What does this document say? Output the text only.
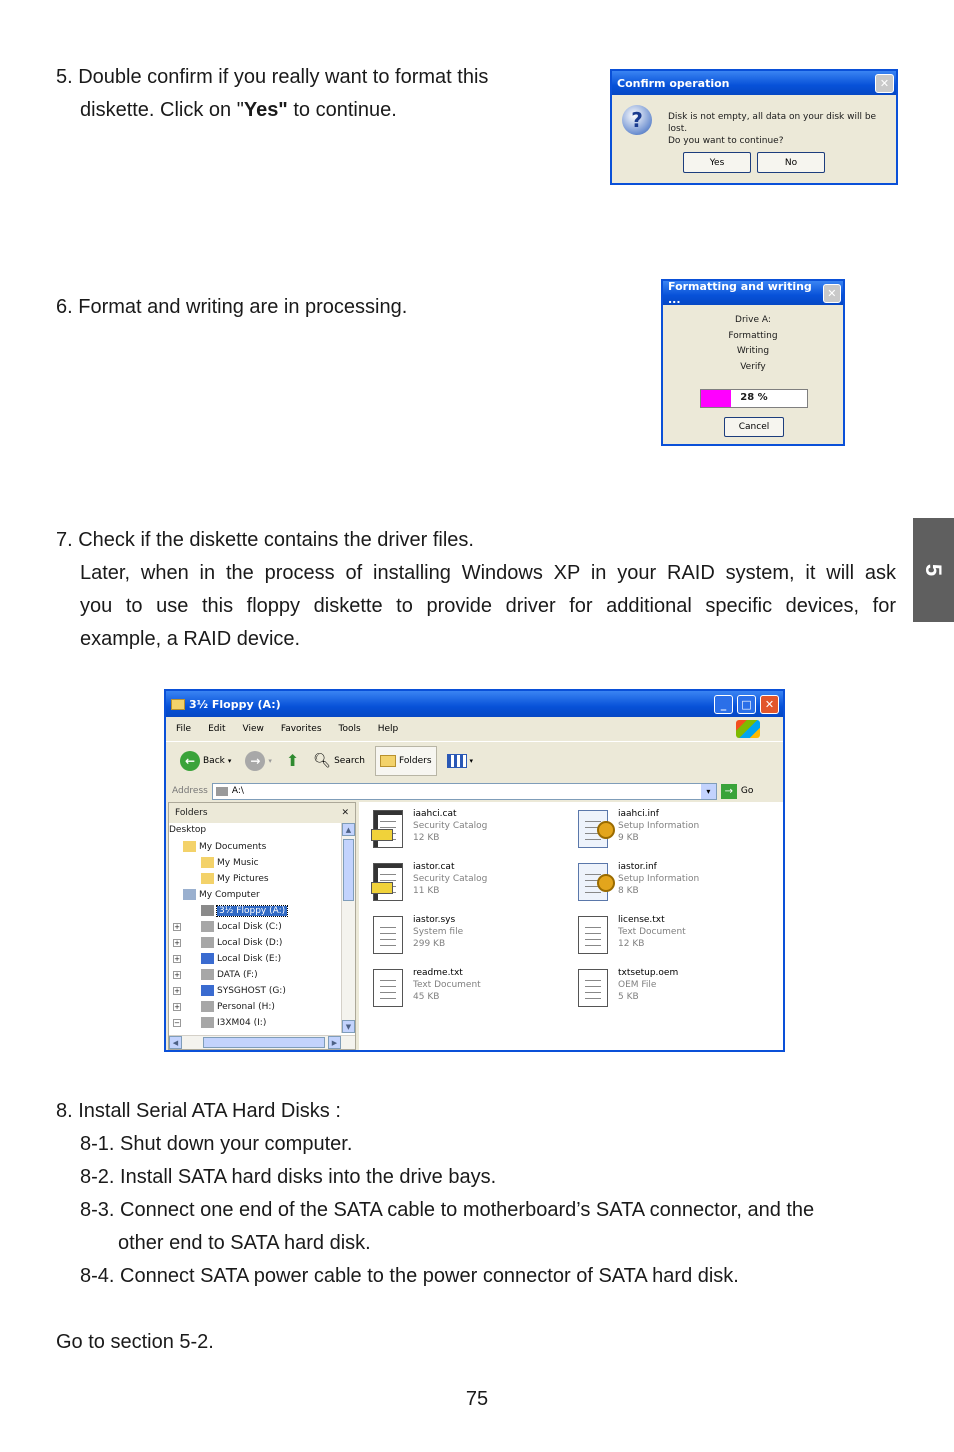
5. Double confirm if you really want to format this
diskette. Click on "Yes" to continue.
Confirm operation	✕
?	Disk is not empty, all data on your disk will be lost.
Do you want to continue?
Yes	No
6. Format and writing are in processing.
Formatting and writing ...	✕
Drive A:
Formatting
Writing
Verify
28 %
Cancel
7. Check if the diskette contains the driver files.
Later, when in the process of installing Windows XP in your RAID system, it will ask
you to use this floppy diskette to provide driver for additional specific devices, for
example, a RAID device.
5
3½ Floppy (A:)	_	□	✕
File Edit View Favorites Tools Help
← Back ▾	→	▾ ⬆ 🔍︎ Search	Folders	▾
Address	A:\	▾	→ Go
Folders	✕
Desktop
My Documents
My Music
My Pictures
My Computer
3½ Floppy (A:)
+	Local Disk (C:)
+	Local Disk (D:)
+	Local Disk (E:)
+	DATA (F:)
+	SYSGHOST (G:)
+	Personal (H:)
−	I3XM04 (I:)
▲
▼
◀	▶
iaahci.cat
Security Catalog
12 KB
iaahci.inf
Setup Information
9 KB
iastor.cat
Security Catalog
11 KB
iastor.inf
Setup Information
8 KB
iastor.sys
System file
299 KB
license.txt
Text Document
12 KB
readme.txt
Text Document
45 KB
txtsetup.oem
OEM File
5 KB
8. Install Serial ATA Hard Disks :
8-1. Shut down your computer.
8-2. Install SATA hard disks into the drive bays.
8-3. Connect one end of the SATA cable to motherboard’s SATA connector, and the
other end to SATA hard disk.
8-4. Connect SATA power cable to the power connector of SATA hard disk.
Go to section 5-2.
75
